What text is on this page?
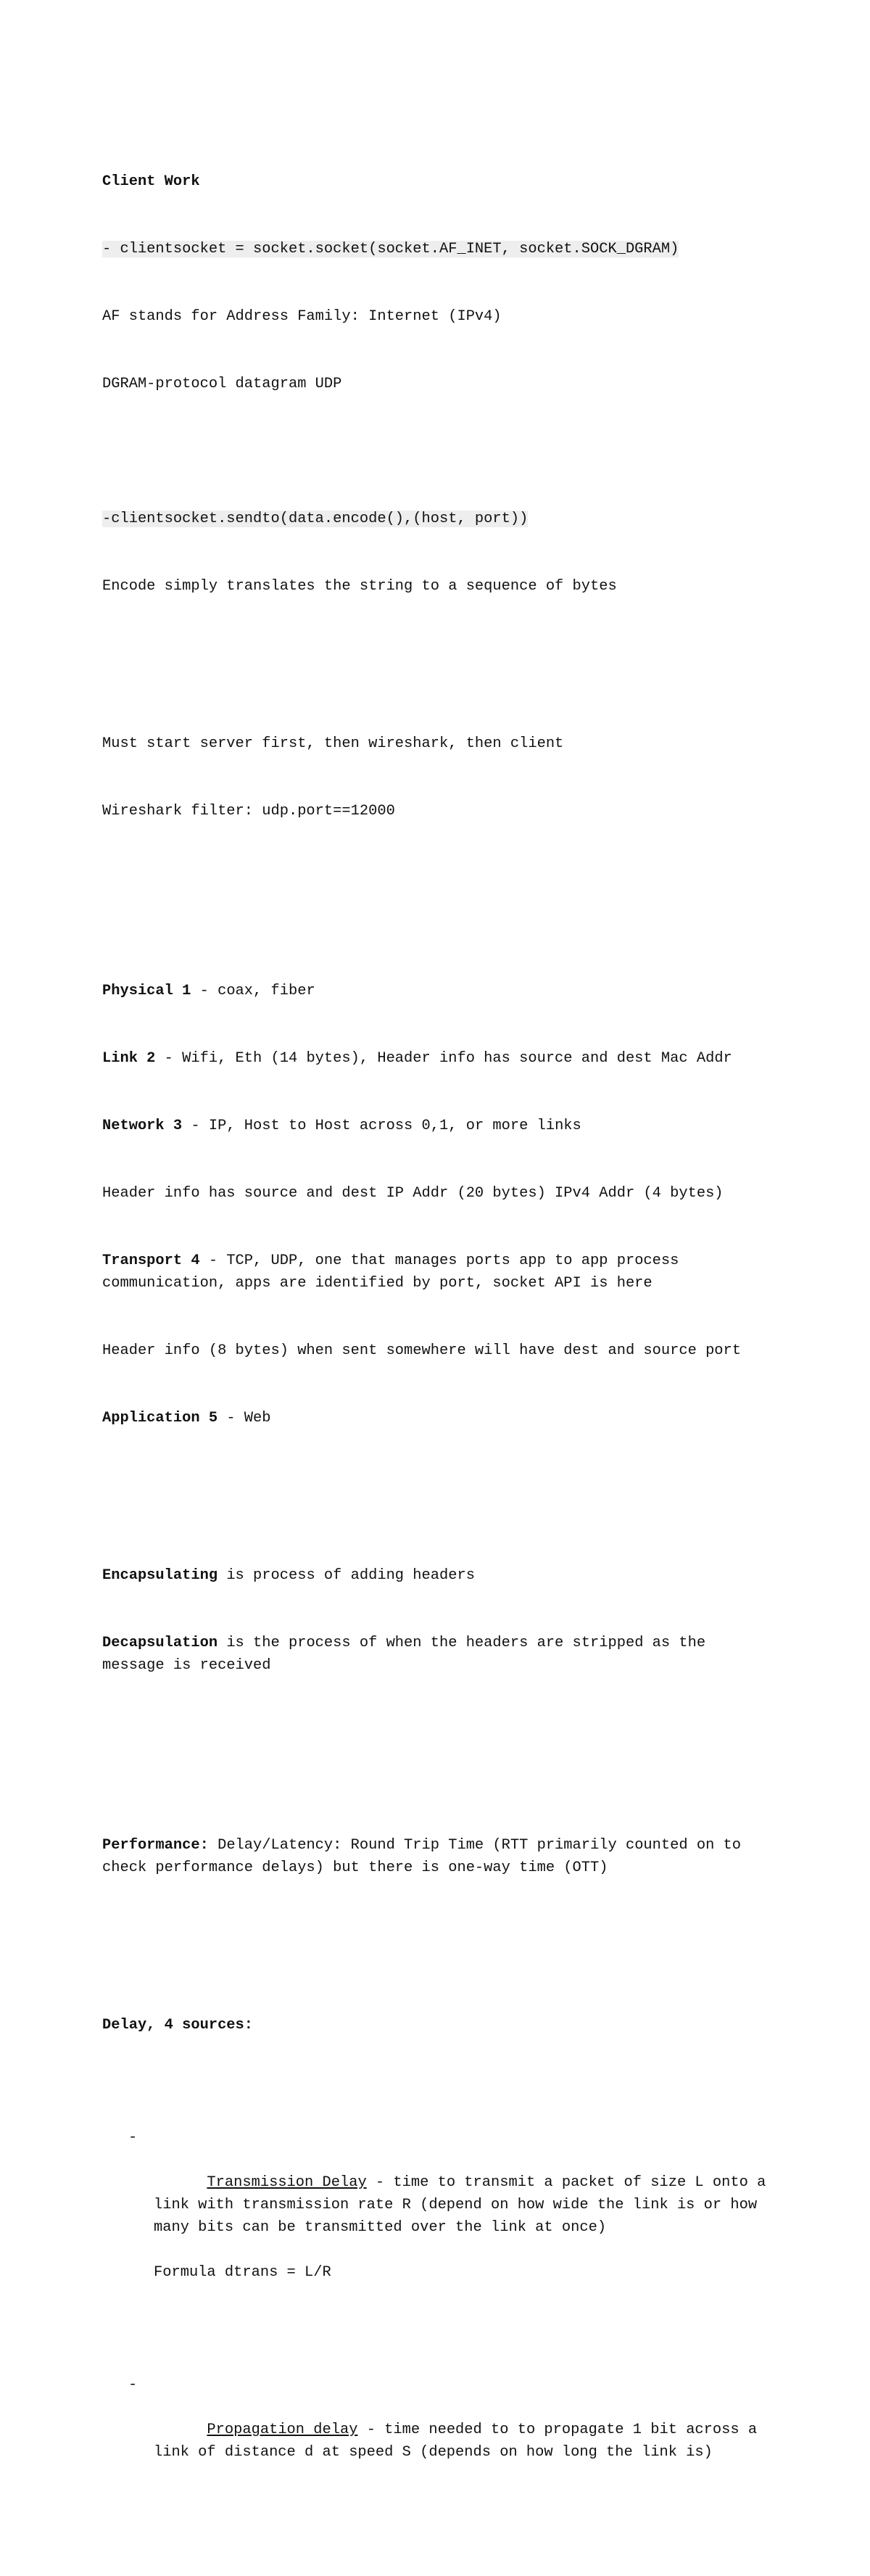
Client Work

- clientsocket = socket.socket(socket.AF_INET, socket.SOCK_DGRAM)

AF stands for Address Family: Internet (IPv4)

DGRAM-protocol datagram UDP

-clientsocket.sendto(data.encode(),(host, port))

Encode simply translates the string to a sequence of bytes

Must start server first, then wireshark, then client

Wireshark filter: udp.port==12000

Physical 1 - coax, fiber

Link 2 - Wifi, Eth (14 bytes), Header info has source and dest Mac Addr

Network 3 - IP, Host to Host across 0,1, or more links

Header info has source and dest IP Addr (20 bytes) IPv4 Addr (4 bytes)

Transport 4 - TCP, UDP, one that manages ports app to app process communication, apps are identified by port, socket API is here

Header info (8 bytes) when sent somewhere will have dest and source port

Application 5 - Web

Encapsulating is process of adding headers

Decapsulation is the process of when the headers are stripped as the message is received

Performance: Delay/Latency: Round Trip Time (RTT primarily counted on to check performance delays) but there is one-way time (OTT)

Delay, 4 sources:

-

Transmission Delay - time to transmit a packet of size L onto a link with transmission rate R (depend on how wide the link is or how many bits can be transmitted over the link at once)

Formula dtrans = L/R

-

Propagation delay - time needed to to propagate 1 bit across a link of distance d at speed S (depends on how long the link is)
